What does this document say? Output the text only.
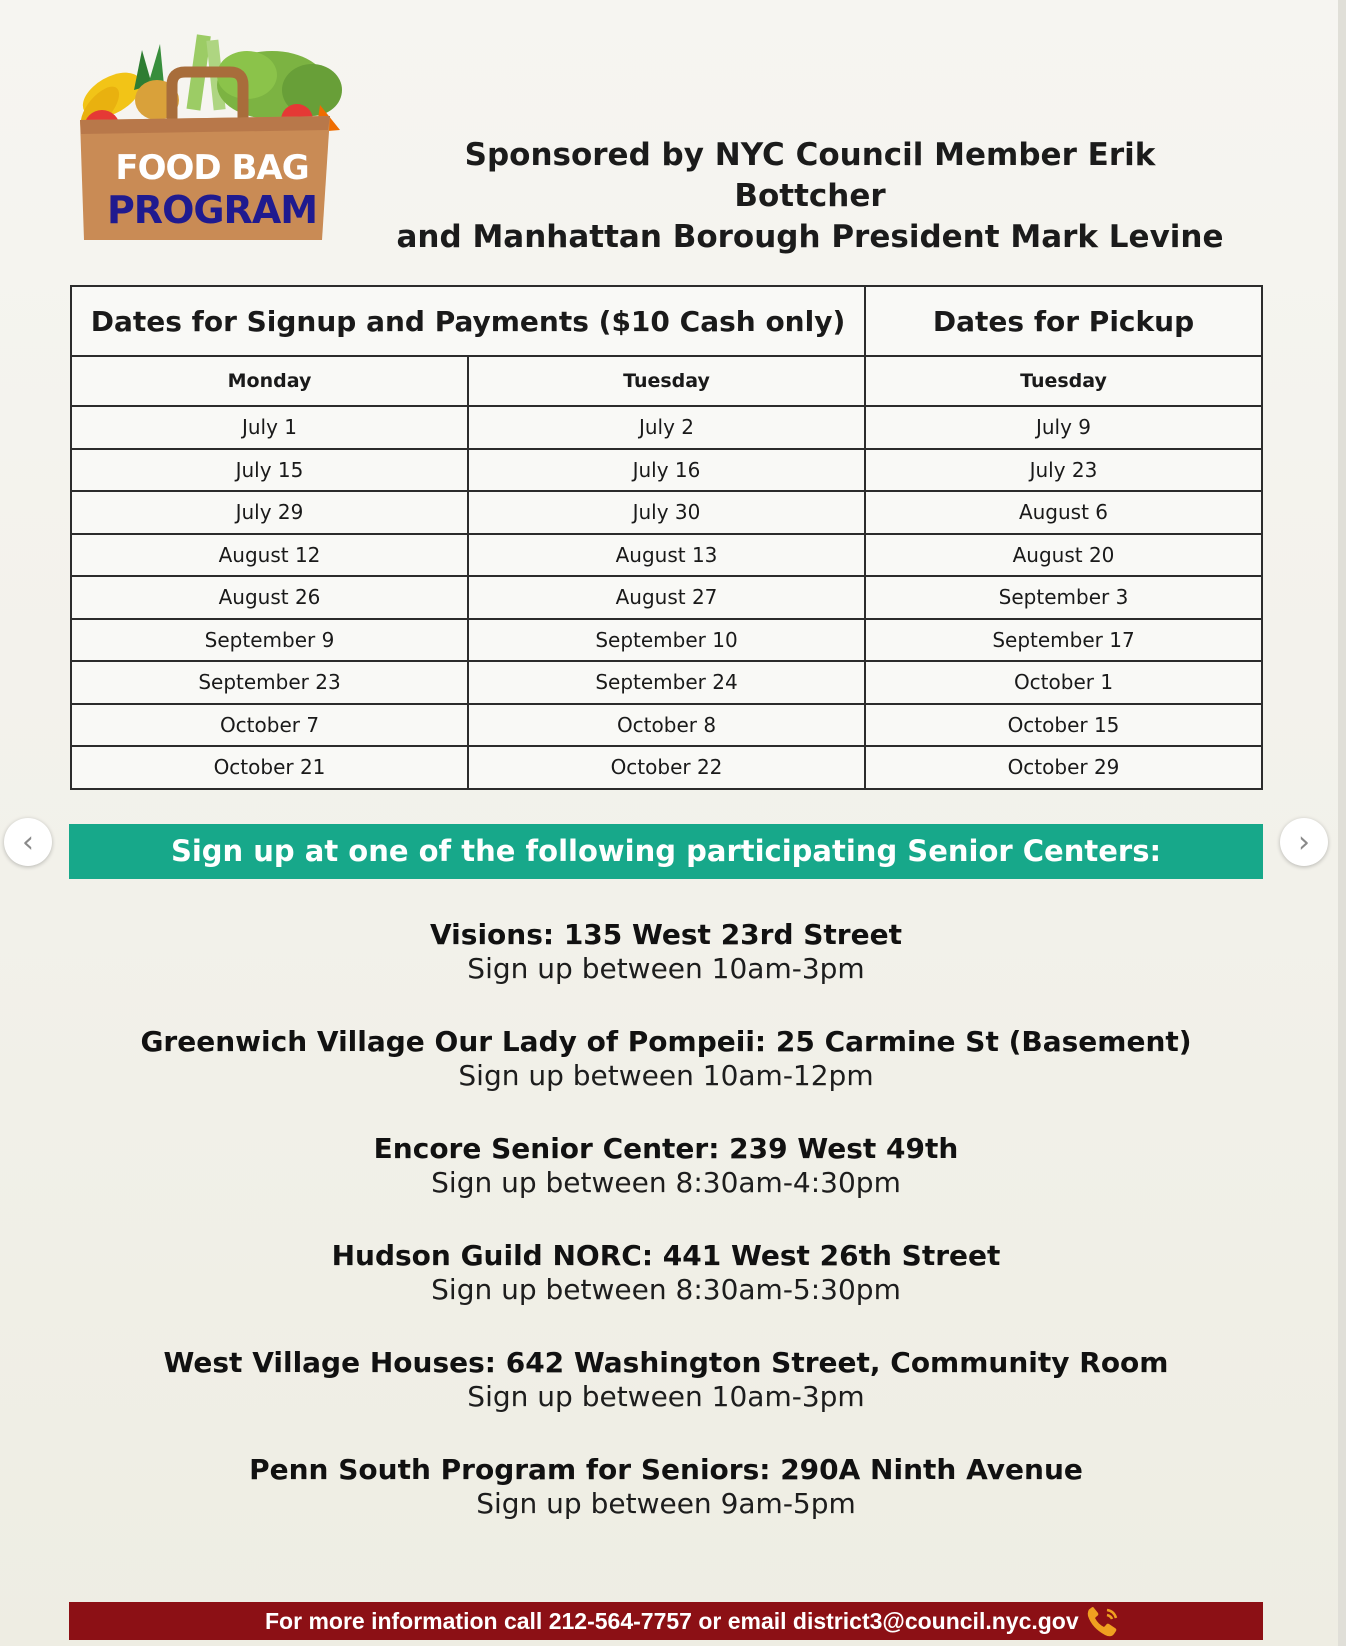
FOOD BAG
PROGRAM
Sponsored by NYC Council Member Erik Bottcher
and Manhattan Borough President Mark Levine
Dates for Signup and Payments ($10 Cash only)		Dates for Pickup
Monday	Tuesday	Tuesday
July 1	July 2	July 9
July 15	July 16	July 23
July 29	July 30	August 6
August 12	August 13	August 20
August 26	August 27	September 3
September 9	September 10	September 17
September 23	September 24	October 1
October 7	October 8	October 15
October 21	October 22	October 29
‹	›
Sign up at one of the following participating Senior Centers:
Visions: 135 West 23rd Street
Sign up between 10am-3pm
Greenwich Village Our Lady of Pompeii: 25 Carmine St (Basement)
Sign up between 10am-12pm
Encore Senior Center: 239 West 49th
Sign up between 8:30am-4:30pm
Hudson Guild NORC: 441 West 26th Street
Sign up between 8:30am-5:30pm
West Village Houses: 642 Washington Street, Community Room
Sign up between 10am-3pm
Penn South Program for Seniors: 290A Ninth Avenue
Sign up between 9am-5pm
For more information call 212-564-7757 or email district3@council.nyc.gov
